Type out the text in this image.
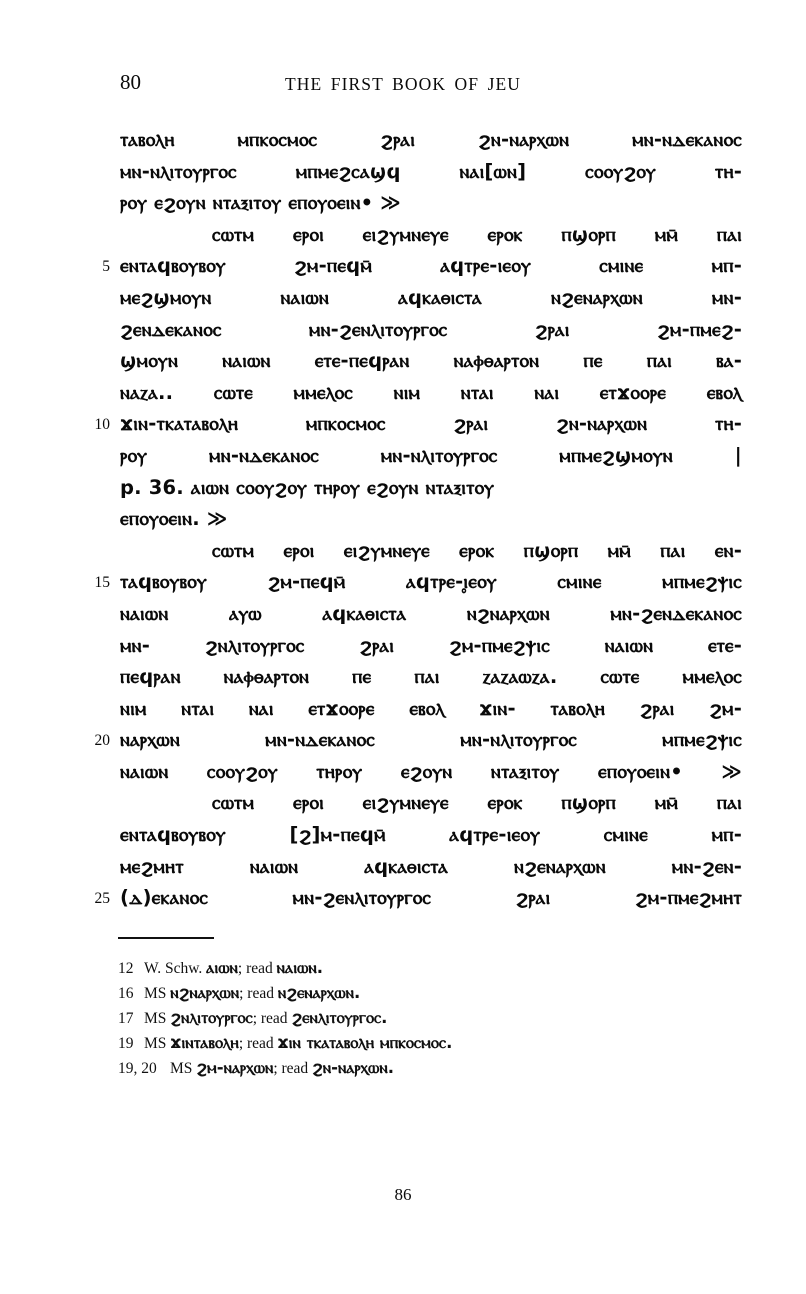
80	THE FIRST BOOK OF JEU
ⲧⲁⲃⲟⲗⲏ ⲙⲡⲕⲟⲥⲙⲟⲥ ϩⲣⲁⲓ ϩⲛ-ⲛⲁⲣⲭⲱⲛ ⲙⲛ-ⲛⲇⲉⲕⲁⲛⲟⲥ
ⲙⲛ-ⲛⲗⲓⲧⲟⲩⲣⲅⲟⲥ ⲙⲡⲙⲉϩⲥⲁϣϥ ⲛⲁⲓ[ⲱⲛ] ⲥⲟⲟⲩϩⲟⲩ ⲧⲏ-
ⲣⲟⲩ ⲉϩⲟⲩⲛ ⲛⲧⲁⲝⲓⲧⲟⲩ ⲉⲡⲟⲩⲟⲉⲓⲛ• ≫
ⲥⲱⲧⲙ ⲉⲣⲟⲓ ⲉⲓϩⲩⲙⲛⲉⲩⲉ ⲉⲣⲟⲕ ⲡϣⲟⲣⲡ ⲙⲙ̄ ⲡⲁⲓ
5 ⲉⲛⲧⲁϥⲃⲟⲩⲃⲟⲩ ϩⲙ-ⲡⲉϥⲙ̄ ⲁϥⲧⲣⲉ-ⲓⲉⲟⲩ ⲥⲙⲓⲛⲉ ⲙⲡ-
ⲙⲉϩϣⲙⲟⲩⲛ ⲛⲁⲓⲱⲛ ⲁϥⲕⲁⲑⲓⲥⲧⲁ ⲛϩⲉⲛⲁⲣⲭⲱⲛ ⲙⲛ-
ϩⲉⲛⲇⲉⲕⲁⲛⲟⲥ ⲙⲛ-ϩⲉⲛⲗⲓⲧⲟⲩⲣⲅⲟⲥ ϩⲣⲁⲓ ϩⲙ-ⲡⲙⲉϩ-
ϣⲙⲟⲩⲛ ⲛⲁⲓⲱⲛ ⲉⲧⲉ-ⲡⲉϥⲣⲁⲛ ⲛⲁⲫⲑⲁⲣⲧⲟⲛ ⲡⲉ ⲡⲁⲓ ⲃⲁ-
ⲛⲁⲍⲁ.. ⲥⲱⲧⲉ ⲙⲙⲉⲗⲟⲥ ⲛⲓⲙ ⲛⲧⲁⲓ ⲛⲁⲓ ⲉⲧϫⲟⲟⲣⲉ ⲉⲃⲟⲗ
10 ϫⲓⲛ-ⲧⲕⲁⲧⲁⲃⲟⲗⲏ ⲙⲡⲕⲟⲥⲙⲟⲥ ϩⲣⲁⲓ ϩⲛ-ⲛⲁⲣⲭⲱⲛ ⲧⲏ-
ⲣⲟⲩ ⲙⲛ-ⲛⲇⲉⲕⲁⲛⲟⲥ ⲙⲛ-ⲛⲗⲓⲧⲟⲩⲣⲅⲟⲥ ⲙⲡⲙⲉϩϣⲙⲟⲩⲛ |
p. 36. ⲁⲓⲱⲛ ⲥⲟⲟⲩϩⲟⲩ ⲧⲏⲣⲟⲩ ⲉϩⲟⲩⲛ ⲛⲧⲁⲝⲓⲧⲟⲩ
ⲉⲡⲟⲩⲟⲉⲓⲛ. ≫
ⲥⲱⲧⲙ ⲉⲣⲟⲓ ⲉⲓϩⲩⲙⲛⲉⲩⲉ ⲉⲣⲟⲕ ⲡϣⲟⲣⲡ ⲙⲙ̄ ⲡⲁⲓ ⲉⲛ-
15 ⲧⲁϥⲃⲟⲩⲃⲟⲩ ϩⲙ-ⲡⲉϥⲙ̄ ⲁϥⲧⲣⲉ-ⲓ̥ⲉⲟⲩ ⲥⲙⲓⲛⲉ ⲙⲡⲙⲉϩⲯⲓⲥ
ⲛⲁⲓⲱⲛ ⲁⲩⲱ ⲁϥⲕⲁⲑⲓⲥⲧⲁ ⲛϩⲛⲁⲣⲭⲱⲛ ⲙⲛ-ϩⲉⲛⲇⲉⲕⲁⲛⲟⲥ
ⲙⲛ- ϩⲛⲗⲓⲧⲟⲩⲣⲅⲟⲥ ϩⲣⲁⲓ ϩⲙ-ⲡⲙⲉϩⲯⲓⲥ ⲛⲁⲓⲱⲛ ⲉⲧⲉ-
ⲡⲉϥⲣⲁⲛ ⲛⲁⲫⲑⲁⲣⲧⲟⲛ ⲡⲉ ⲡⲁⲓ ⲍⲁⲍⲁⲱⲍⲁ. ⲥⲱⲧⲉ ⲙⲙⲉⲗⲟⲥ
ⲛⲓⲙ ⲛⲧⲁⲓ ⲛⲁⲓ ⲉⲧϫⲟⲟⲣⲉ ⲉⲃⲟⲗ ϫⲓⲛ- ⲧⲁⲃⲟⲗⲏ ϩⲣⲁⲓ ϩⲙ-
20 ⲛⲁⲣⲭⲱⲛ ⲙⲛ-ⲛⲇⲉⲕⲁⲛⲟⲥ ⲙⲛ-ⲛⲗⲓⲧⲟⲩⲣⲅⲟⲥ ⲙⲡⲙⲉϩⲯⲓⲥ
ⲛⲁⲓⲱⲛ ⲥⲟⲟⲩϩⲟⲩ ⲧⲏⲣⲟⲩ ⲉϩⲟⲩⲛ ⲛⲧⲁⲝⲓⲧⲟⲩ ⲉⲡⲟⲩⲟⲉⲓⲛ• ≫
ⲥⲱⲧⲙ ⲉⲣⲟⲓ ⲉⲓϩⲩⲙⲛⲉⲩⲉ ⲉⲣⲟⲕ ⲡϣⲟⲣⲡ ⲙⲙ̄ ⲡⲁⲓ
ⲉⲛⲧⲁϥⲃⲟⲩⲃⲟⲩ [ϩ]ⲙ-ⲡⲉϥⲙ̄ ⲁϥⲧⲣⲉ-ⲓⲉⲟⲩ ⲥⲙⲓⲛⲉ ⲙⲡ-
ⲙⲉϩⲙⲏⲧ ⲛⲁⲓⲱⲛ ⲁϥⲕⲁⲑⲓⲥⲧⲁ ⲛϩⲉⲛⲁⲣⲭⲱⲛ ⲙⲛ-ϩⲉⲛ-
25 (ⲇ)ⲉⲕⲁⲛⲟⲥ ⲙⲛ-ϩⲉⲛⲗⲓⲧⲟⲩⲣⲅⲟⲥ ϩⲣⲁⲓ ϩⲙ-ⲡⲙⲉϩⲙⲏⲧ
12 W. Schw. ⲁⲓⲱⲛ; read ⲛⲁⲓⲱⲛ.
16 MS ⲛϩⲛⲁⲣⲭⲱⲛ; read ⲛϩⲉⲛⲁⲣⲭⲱⲛ.
17 MS ϩⲛⲗⲓⲧⲟⲩⲣⲅⲟⲥ; read ϩⲉⲛⲗⲓⲧⲟⲩⲣⲅⲟⲥ.
19 MS ϫⲓⲛⲧⲁⲃⲟⲗⲏ; read ϫⲓⲛ ⲧⲕⲁⲧⲁⲃⲟⲗⲏ ⲙⲡⲕⲟⲥⲙⲟⲥ.
19, 20 MS ϩⲙ-ⲛⲁⲣⲭⲱⲛ; read ϩⲛ-ⲛⲁⲣⲭⲱⲛ.
86
